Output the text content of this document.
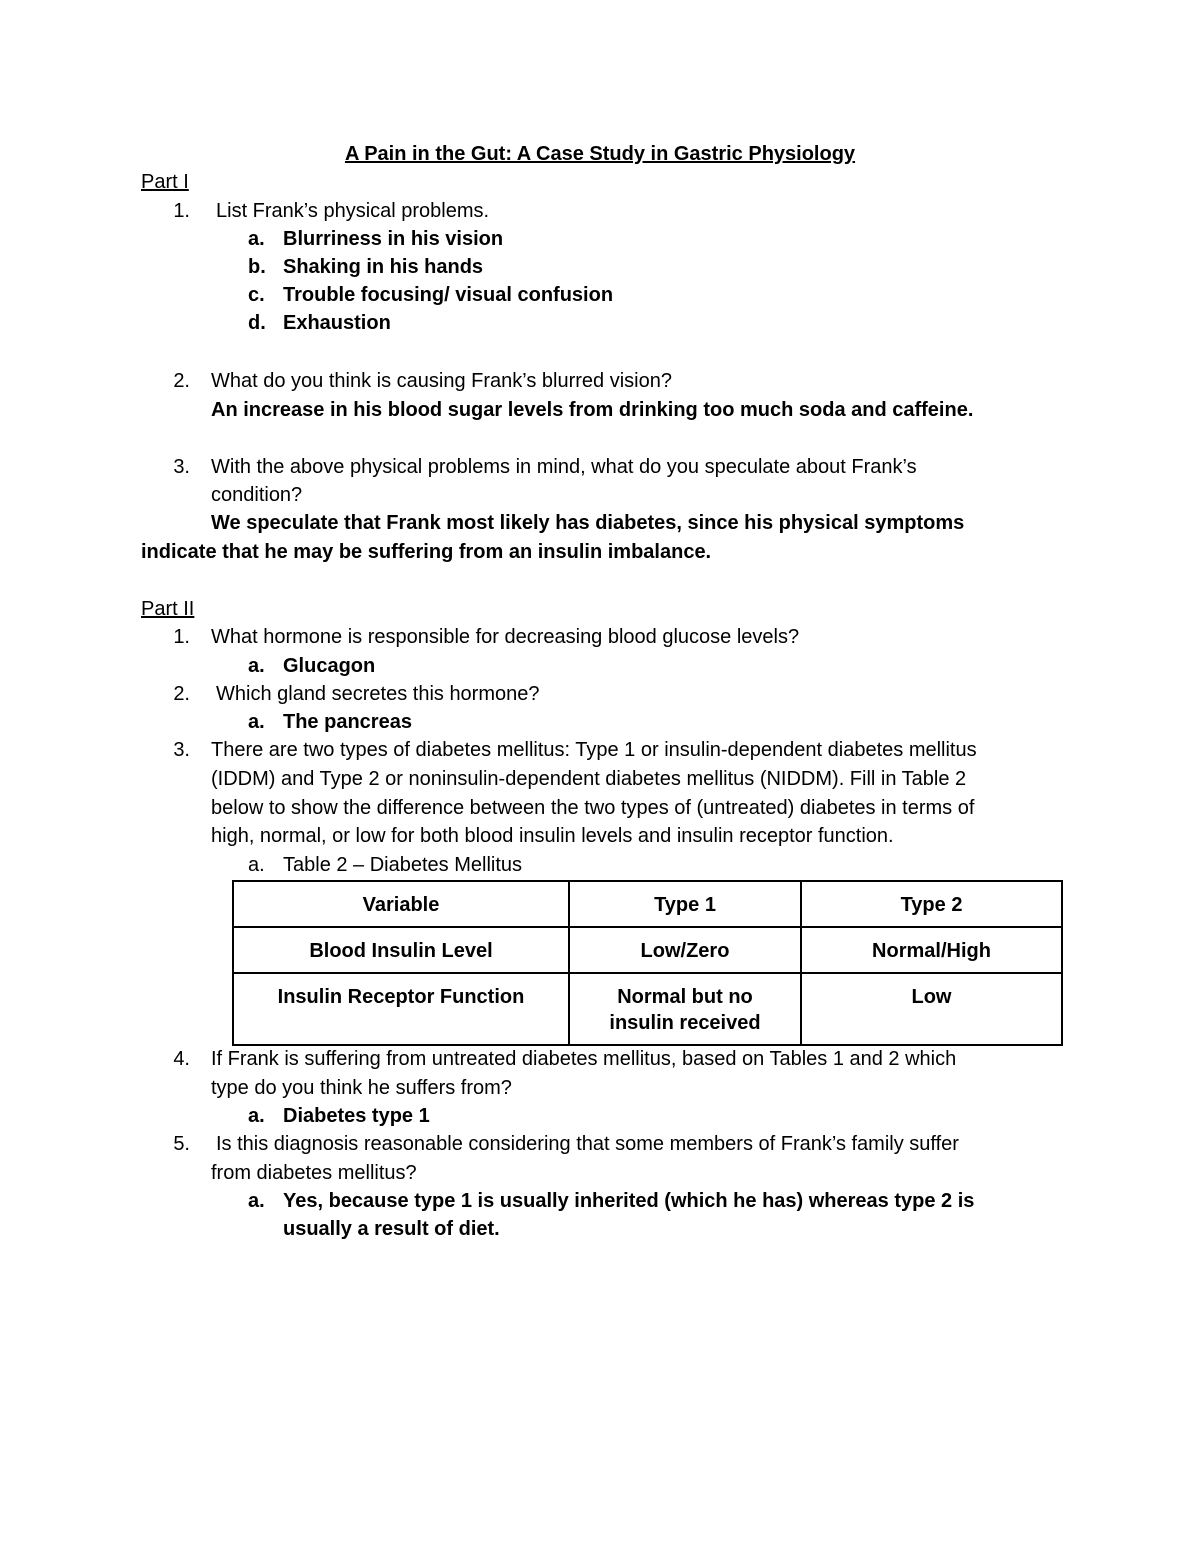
A Pain in the Gut: A Case Study in Gastric Physiology
Part I
1. List Frank’s physical problems.
a. Blurriness in his vision
b. Shaking in his hands
c. Trouble focusing/ visual confusion
d. Exhaustion
2. What do you think is causing Frank’s blurred vision?
An increase in his blood sugar levels from drinking too much soda and caffeine.
3. With the above physical problems in mind, what do you speculate about Frank’s
condition?
We speculate that Frank most likely has diabetes, since his physical symptoms
indicate that he may be suffering from an insulin imbalance.
Part II
1. What hormone is responsible for decreasing blood glucose levels?
a. Glucagon
2. Which gland secretes this hormone?
a. The pancreas
3. There are two types of diabetes mellitus: Type 1 or insulin-dependent diabetes mellitus
(IDDM) and Type 2 or noninsulin-dependent diabetes mellitus (NIDDM). Fill in Table 2
below to show the difference between the two types of (untreated) diabetes in terms of
high, normal, or low for both blood insulin levels and insulin receptor function.
a. Table 2 – Diabetes Mellitus
Variable	Type 1	Type 2
Blood Insulin Level	Low/Zero	Normal/High
Insulin Receptor Function	Normal but no insulin received	Low
4. If Frank is suffering from untreated diabetes mellitus, based on Tables 1 and 2 which
type do you think he suffers from?
a. Diabetes type 1
5. Is this diagnosis reasonable considering that some members of Frank’s family suffer
from diabetes mellitus?
a. Yes, because type 1 is usually inherited (which he has) whereas type 2 is
usually a result of diet.
